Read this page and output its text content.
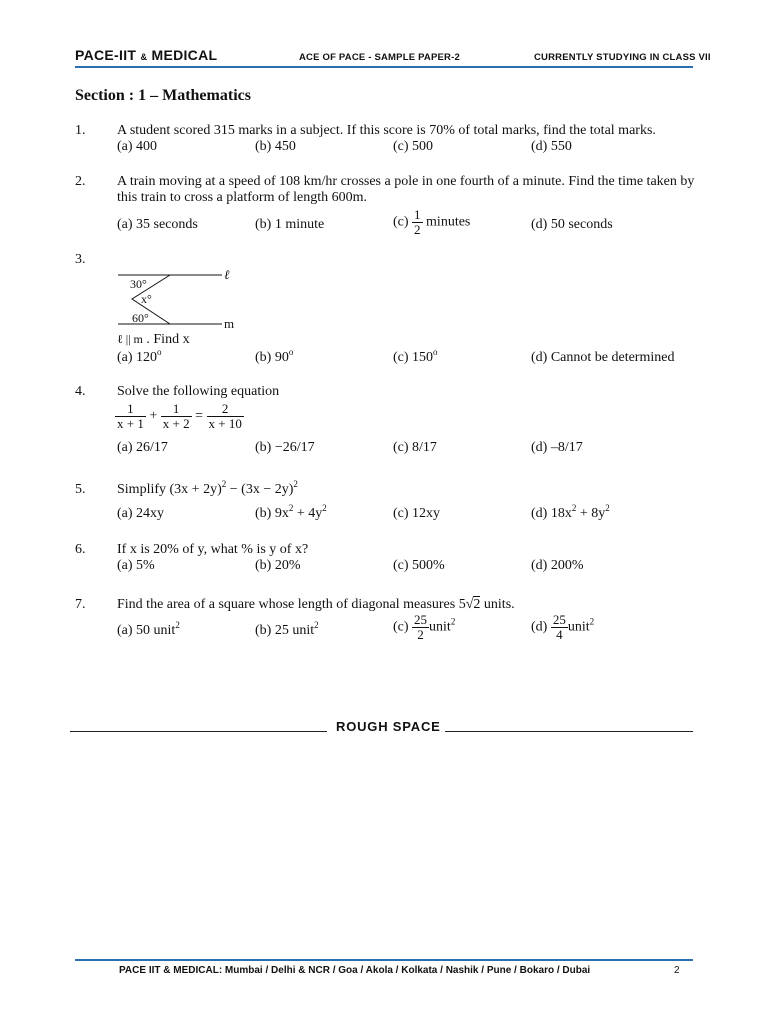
PACE-IIT & MEDICAL	ACE OF PACE - SAMPLE PAPER-2	CURRENTLY STUDYING IN CLASS VII
Section : 1 – Mathematics
1. A student scored 315 marks in a subject. If this score is 70% of total marks, find the total marks.
(a) 400	(b) 450	(c) 500	(d) 550
2. A train moving at a speed of 108 km/hr crosses a pole in one fourth of a minute. Find the time taken by this train to cross a platform of length 600m.
(a) 35 seconds	(b) 1 minute	$(c) \frac{1}{2}$ minutes	(d) 50 seconds
3.
30°
x°
60°
ℓ
m
ℓ || m . Find x
(a) 120$^o$	(b) 90$^o$	(c) 150$^o$	(d) Cannot be determined
4. Solve the following equation
$\frac{1}{x + 1} + \frac{1}{x + 2} = \frac{2}{x + 10}$
(a) 26/17	(b) −26/17	(c) 8/17	(d) –8/17
5. Simplify $(3x + 2y)^2 - (3x - 2y)^2$
(a) 24xy	(b) $9x^2 + 4y^2$	(c) 12xy	(d) $18x^2 + 8y^2$
6. If x is 20% of y, what % is y of x?
(a) 5%	(b) 20%	(c) 500%	(d) 200%
7. Find the area of a square whose length of diagonal measures 5√2 units.
(a) 50 unit$^2$	(b) 25 unit$^2$	$(c) \frac{25}{2}$ unit$^2$	$(d) \frac{25}{4}$ unit$^2$
ROUGH SPACE
PACE IIT & MEDICAL: Mumbai / Delhi & NCR / Goa / Akola / Kolkata / Nashik / Pune / Bokaro / Dubai	2
